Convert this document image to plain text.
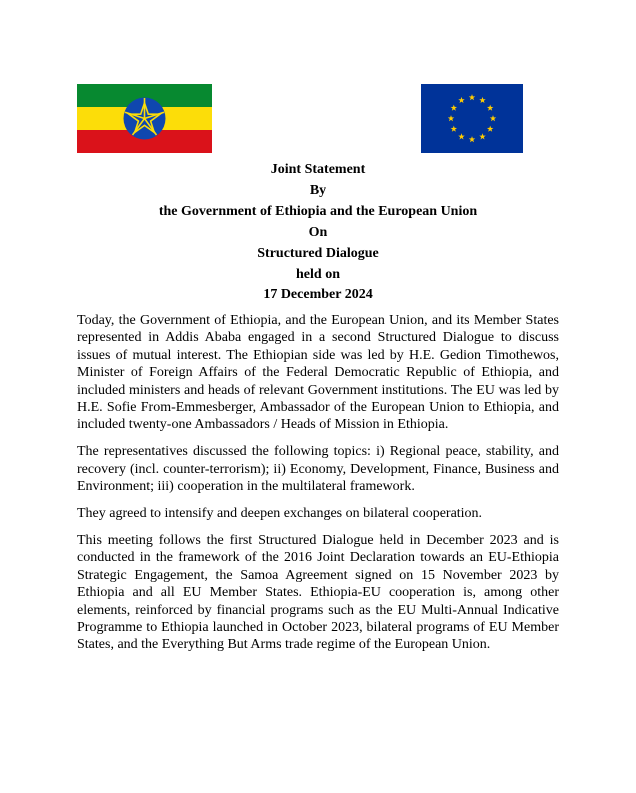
Joint Statement
By
the Government of Ethiopia and the European Union
On
Structured Dialogue
held on
17 December 2024

Today, the Government of Ethiopia, and the European Union, and its Member States represented in Addis Ababa engaged in a second Structured Dialogue to discuss issues of mutual interest. The Ethiopian side was led by H.E. Gedion Timothewos, Minister of Foreign Affairs of the Federal Democratic Republic of Ethiopia, and included ministers and heads of relevant Government institutions. The EU was led by H.E. Sofie From-Emmesberger, Ambassador of the European Union to Ethiopia, and included twenty-one Ambassadors / Heads of Mission in Ethiopia.

The representatives discussed the following topics: i) Regional peace, stability, and recovery (incl. counter-terrorism); ii) Economy, Development, Finance, Business and Environment; iii) cooperation in the multilateral framework.

They agreed to intensify and deepen exchanges on bilateral cooperation.

This meeting follows the first Structured Dialogue held in December 2023 and is conducted in the framework of the 2016 Joint Declaration towards an EU-Ethiopia Strategic Engagement, the Samoa Agreement signed on 15 November 2023 by Ethiopia and all EU Member States. Ethiopia-EU cooperation is, among other elements, reinforced by financial programs such as the EU Multi-Annual Indicative Programme to Ethiopia launched in October 2023, bilateral programs of EU Member States, and the Everything But Arms trade regime of the European Union.
